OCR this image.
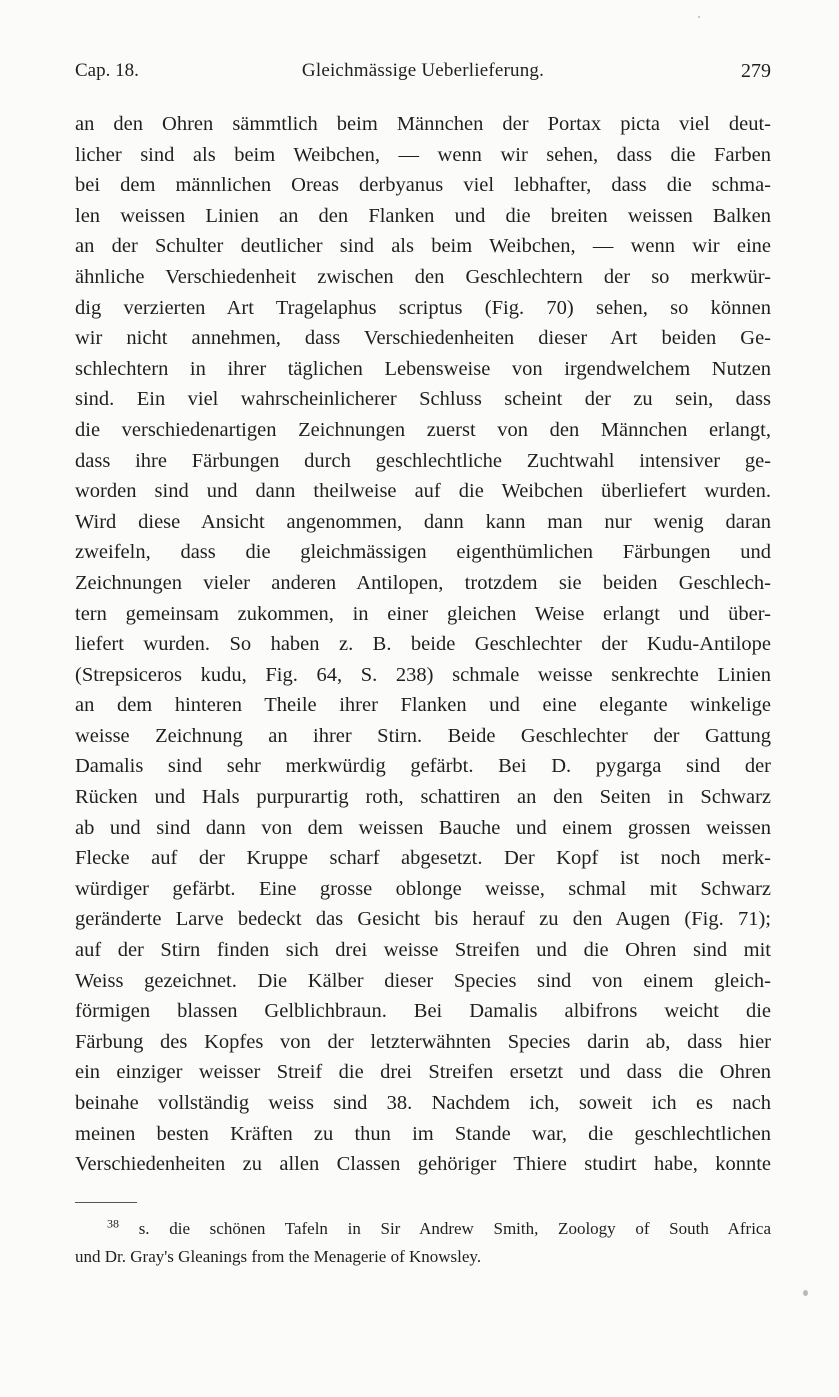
Cap. 18.	Gleichmässige Ueberlieferung.	279
an den Ohren sämmtlich beim Männchen der Portax picta viel deut-
licher sind als beim Weibchen, — wenn wir sehen, dass die Farben
bei dem männlichen Oreas derbyanus viel lebhafter, dass die schma-
len weissen Linien an den Flanken und die breiten weissen Balken
an der Schulter deutlicher sind als beim Weibchen, — wenn wir eine
ähnliche Verschiedenheit zwischen den Geschlechtern der so merkwür-
dig verzierten Art Tragelaphus scriptus (Fig. 70) sehen, so können
wir nicht annehmen, dass Verschiedenheiten dieser Art beiden Ge-
schlechtern in ihrer täglichen Lebensweise von irgendwelchem Nutzen
sind. Ein viel wahrscheinlicherer Schluss scheint der zu sein, dass
die verschiedenartigen Zeichnungen zuerst von den Männchen erlangt,
dass ihre Färbungen durch geschlechtliche Zuchtwahl intensiver ge-
worden sind und dann theilweise auf die Weibchen überliefert wurden.
Wird diese Ansicht angenommen, dann kann man nur wenig daran
zweifeln, dass die gleichmässigen eigenthümlichen Färbungen und
Zeichnungen vieler anderen Antilopen, trotzdem sie beiden Geschlech-
tern gemeinsam zukommen, in einer gleichen Weise erlangt und über-
liefert wurden. So haben z. B. beide Geschlechter der Kudu-Antilope
(Strepsiceros kudu, Fig. 64, S. 238) schmale weisse senkrechte Linien
an dem hinteren Theile ihrer Flanken und eine elegante winkelige
weisse Zeichnung an ihrer Stirn. Beide Geschlechter der Gattung
Damalis sind sehr merkwürdig gefärbt. Bei D. pygarga sind der
Rücken und Hals purpurartig roth, schattiren an den Seiten in Schwarz
ab und sind dann von dem weissen Bauche und einem grossen weissen
Flecke auf der Kruppe scharf abgesetzt. Der Kopf ist noch merk-
würdiger gefärbt. Eine grosse oblonge weisse, schmal mit Schwarz
geränderte Larve bedeckt das Gesicht bis herauf zu den Augen (Fig. 71);
auf der Stirn finden sich drei weisse Streifen und die Ohren sind mit
Weiss gezeichnet. Die Kälber dieser Species sind von einem gleich-
förmigen blassen Gelblichbraun. Bei Damalis albifrons weicht die
Färbung des Kopfes von der letzterwähnten Species darin ab, dass hier
ein einziger weisser Streif die drei Streifen ersetzt und dass die Ohren
beinahe vollständig weiss sind 38. Nachdem ich, soweit ich es nach
meinen besten Kräften zu thun im Stande war, die geschlechtlichen
Verschiedenheiten zu allen Classen gehöriger Thiere studirt habe, konnte
$^{38}$ s. die schönen Tafeln in Sir Andrew Smith, Zoology of South Africa
und Dr. Gray's Gleanings from the Menagerie of Knowsley.
